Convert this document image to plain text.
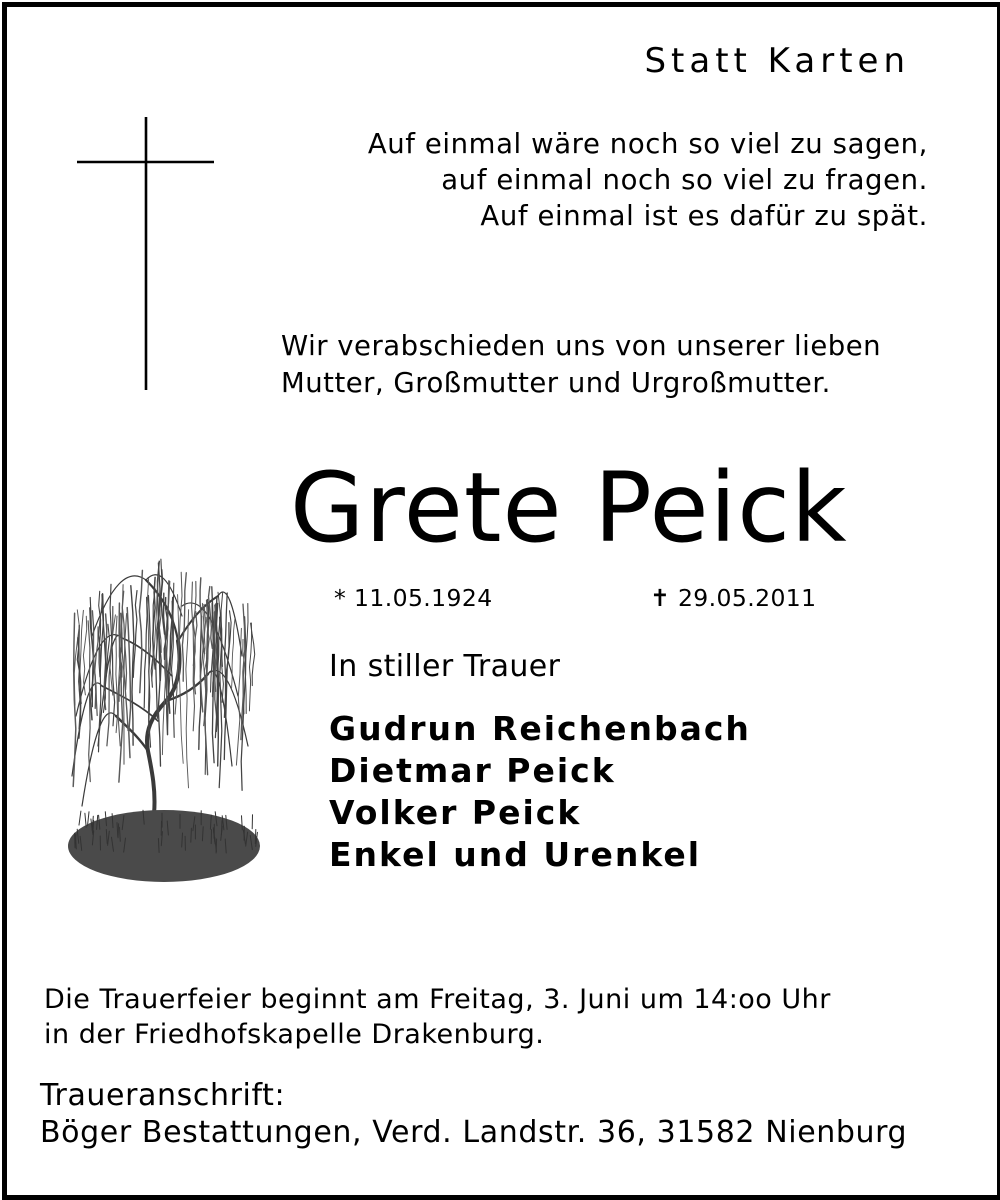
Statt Karten

Auf einmal wäre noch so viel zu sagen,
auf einmal noch so viel zu fragen.
Auf einmal ist es dafür zu spät.
Wir verabschieden uns von unserer lieben
Mutter, Großmutter und Urgroßmutter.

Grete Peick

* 11.05.1924	✝ 29.05.2011

In stiller Trauer

Gudrun Reichenbach
Dietmar Peick
Volker Peick
Enkel und Urenkel
Die Trauerfeier beginnt am Freitag, 3. Juni um 14:oo Uhr
in der Friedhofskapelle Drakenburg.
Traueranschrift:
Böger Bestattungen, Verd. Landstr. 36, 31582 Nienburg
